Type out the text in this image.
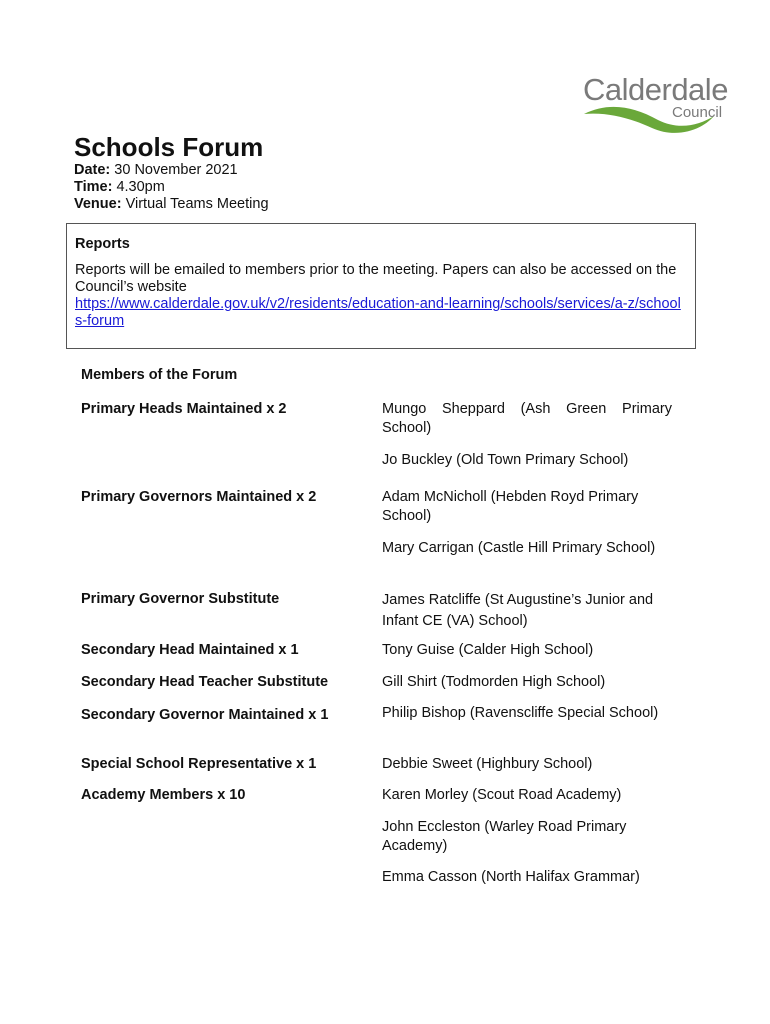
Calderdale
Council
Schools Forum
Date: 30 November 2021
Time: 4.30pm
Venue: Virtual Teams Meeting
Reports
Reports will be emailed to members prior to the meeting. Papers can also be accessed on the Council’s website
https://www.calderdale.gov.uk/v2/residents/education-and-learning/schools/services/a-z/schools-forum
Members of the Forum
Primary Heads Maintained x 2	Mungo Sheppard (Ash Green Primary School)
Jo Buckley (Old Town Primary School)
Primary Governors Maintained x 2	Adam McNicholl (Hebden Royd Primary School)
Mary Carrigan (Castle Hill Primary School)
Primary Governor Substitute	James Ratcliffe (St Augustine’s Junior and Infant CE (VA) School)
Secondary Head Maintained x 1	Tony Guise (Calder High School)
Secondary Head Teacher Substitute	Gill Shirt (Todmorden High School)
Secondary Governor Maintained x 1	Philip Bishop (Ravenscliffe Special School)
Special School Representative x 1	Debbie Sweet (Highbury School)
Academy Members x 10	Karen Morley (Scout Road Academy)
John Eccleston (Warley Road Primary Academy)
Emma Casson (North Halifax Grammar)
